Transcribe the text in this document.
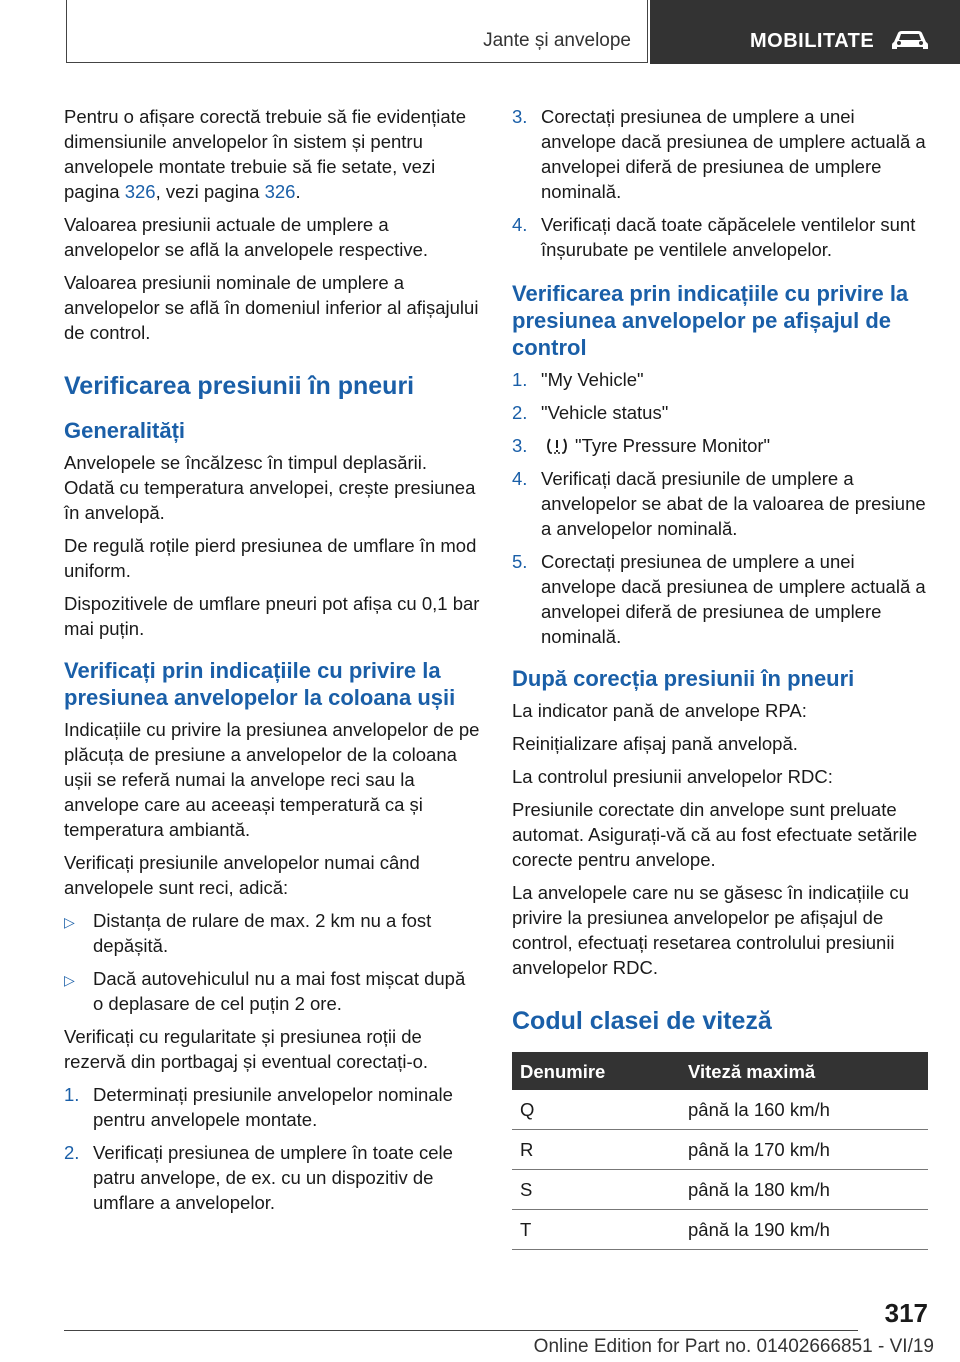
Jante și anvelope	MOBILITATE

Pentru o afișare corectă trebuie să fie evidențiate dimensiunile anvelopelor în sistem și pentru anvelopele montate trebuie să fie setate, vezi pagina 326, vezi pagina 326.

Valoarea presiunii actuale de umplere a anvelopelor se află la anvelopele respective.

Valoarea presiunii nominale de umplere a anvelopelor se află în domeniul inferior al afișajului de control.

Verificarea presiunii în pneuri
Generalități

Anvelopele se încălzesc în timpul deplasării. Odată cu temperatura anvelopei, crește presiunea în anvelopă.

De regulă roțile pierd presiunea de umflare în mod uniform.

Dispozitivele de umflare pneuri pot afișa cu 0,1 bar mai puțin.

Verificați prin indicațiile cu privire la presiunea anvelopelor la coloana ușii

Indicațiile cu privire la presiunea anvelopelor de pe plăcuța de presiune a anvelopelor de la coloana ușii se referă numai la anvelope reci sau la anvelope care au aceeași temperatură ca și temperatura ambiantă.

Verificați presiunile anvelopelor numai când anvelopele sunt reci, adică:

▷ Distanța de rulare de max. 2 km nu a fost depășită.
▷ Dacă autovehiculul nu a mai fost mișcat după o deplasare de cel puțin 2 ore.

Verificați cu regularitate și presiunea roții de rezervă din portbagaj și eventual corectați-o.

1. Determinați presiunile anvelopelor nominale pentru anvelopele montate.
2. Verificați presiunea de umplere în toate cele patru anvelope, de ex. cu un dispozitiv de umflare a anvelopelor.
3. Corectați presiunea de umplere a unei anvelope dacă presiunea de umplere actuală a anvelopei diferă de presiunea de umplere nominală.
4. Verificați dacă toate căpăcelele ventilelor sunt înșurubate pe ventilele anvelopelor.
Verificarea prin indicațiile cu privire la presiunea anvelopelor pe afișajul de control
1. "My Vehicle"
2. "Vehicle status"
3.	"Tyre Pressure Monitor"
4. Verificați dacă presiunile de umplere a anvelopelor se abat de la valoarea de presiune a anvelopelor nominală.
5. Corectați presiunea de umplere a unei anvelope dacă presiunea de umplere actuală a anvelopei diferă de presiunea de umplere nominală.
După corecția presiunii în pneuri

La indicator pană de anvelope RPA:

Reinițializare afișaj pană anvelopă.

La controlul presiunii anvelopelor RDC:

Presiunile corectate din anvelope sunt preluate automat. Asigurați-vă că au fost efectuate setările corecte pentru anvelope.

La anvelopele care nu se găsesc în indicațiile cu privire la presiunea anvelopelor pe afișajul de control, efectuați resetarea controlului presiunii anvelopelor RDC.

Codul clasei de viteză
Denumire	Viteză maximă
Q	până la 160 km/h
R	până la 170 km/h
S	până la 180 km/h
T	până la 190 km/h
317
Online Edition for Part no. 01402666851 - VI/19
